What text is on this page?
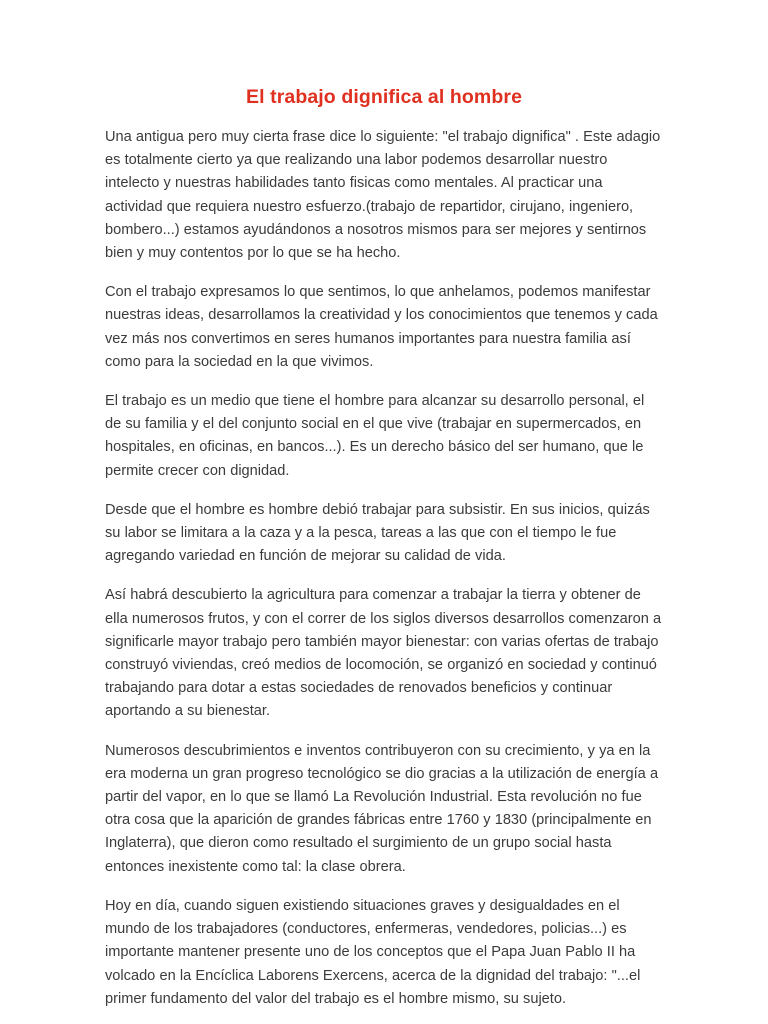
El trabajo dignifica al hombre

Una antigua pero muy cierta frase dice lo siguiente: "el trabajo dignifica" . Este adagio es totalmente cierto ya que realizando una labor podemos desarrollar nuestro intelecto y nuestras habilidades tanto fisicas como mentales. Al practicar una actividad que requiera nuestro esfuerzo.(trabajo de repartidor, cirujano, ingeniero, bombero...) estamos ayudándonos a nosotros mismos para ser mejores y sentirnos bien y muy contentos por lo que se ha hecho.

Con el trabajo expresamos lo que sentimos, lo que anhelamos, podemos manifestar nuestras ideas, desarrollamos la creatividad y los conocimientos que tenemos y cada vez más nos convertimos en seres humanos importantes para nuestra familia así como para la sociedad en la que vivimos.

El trabajo es un medio que tiene el hombre para alcanzar su desarrollo personal, el de su familia y el del conjunto social en el que vive (trabajar en supermercados, en hospitales, en oficinas, en bancos...). Es un derecho básico del ser humano, que le permite crecer con dignidad.

Desde que el hombre es hombre debió trabajar para subsistir. En sus inicios, quizás su labor se limitara a la caza y a la pesca, tareas a las que con el tiempo le fue agregando variedad en función de mejorar su calidad de vida.

Así habrá descubierto la agricultura para comenzar a trabajar la tierra y obtener de ella numerosos frutos, y con el correr de los siglos diversos desarrollos comenzaron a significarle mayor trabajo pero también mayor bienestar: con varias ofertas de trabajo construyó viviendas, creó medios de locomoción, se organizó en sociedad y continuó trabajando para dotar a estas sociedades de renovados beneficios y continuar aportando a su bienestar.

Numerosos descubrimientos e inventos contribuyeron con su crecimiento, y ya en la era moderna un gran progreso tecnológico se dio gracias a la utilización de energía a partir del vapor, en lo que se llamó La Revolución Industrial. Esta revolución no fue otra cosa que la aparición de grandes fábricas entre 1760 y 1830 (principalmente en Inglaterra), que dieron como resultado el surgimiento de un grupo social hasta entonces inexistente como tal: la clase obrera.

Hoy en día, cuando siguen existiendo situaciones graves y desigualdades en el mundo de los trabajadores (conductores, enfermeras, vendedores, policias...) es importante mantener presente uno de los conceptos que el Papa Juan Pablo II ha volcado en la Encíclica Laborens Exercens, acerca de la dignidad del trabajo: "...el primer fundamento del valor del trabajo es el hombre mismo, su sujeto.
